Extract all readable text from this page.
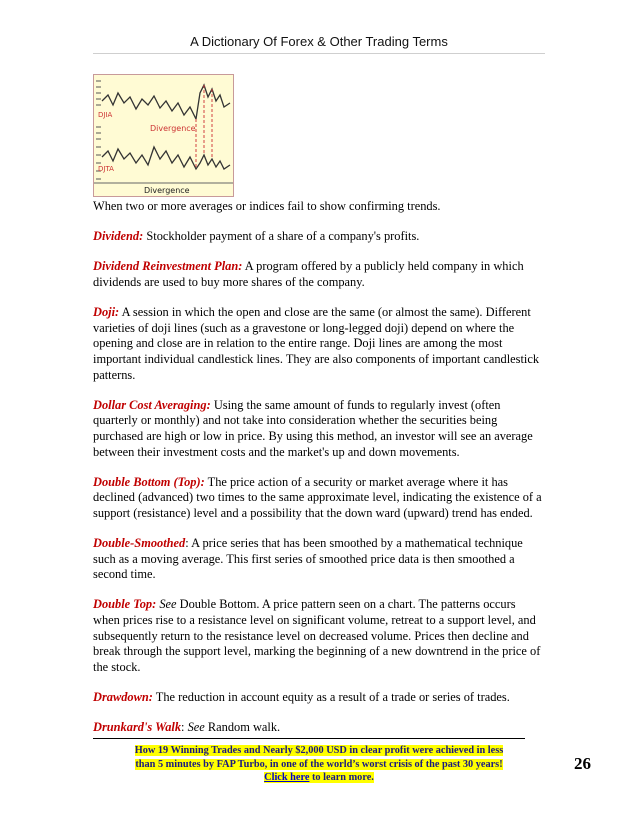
A Dictionary Of Forex & Other Trading Terms
DJIA
DJTA
Divergence
Divergence

When two or more averages or indices fail to show confirming trends.

Dividend: Stockholder payment of a share of a company's profits.

Dividend Reinvestment Plan: A program offered by a publicly held company in which dividends are used to buy more shares of the company.

Doji: A session in which the open and close are the same (or almost the same). Different varieties of doji lines (such as a gravestone or long-legged doji) depend on where the opening and close are in relation to the entire range. Doji lines are among the most important individual candlestick lines. They are also components of important candlestick patterns.

Dollar Cost Averaging: Using the same amount of funds to regularly invest (often quarterly or monthly) and not take into consideration whether the securities being purchased are high or low in price. By using this method, an investor will see an average between their investment costs and the market's up and down movements.

Double Bottom (Top): The price action of a security or market average where it has declined (advanced) two times to the same approximate level, indicating the existence of a support (resistance) level and a possibility that the down ward (upward) trend has ended.

Double-Smoothed: A price series that has been smoothed by a mathematical technique such as a moving average. This first series of smoothed price data is then smoothed a second time.

Double Top: See Double Bottom. A price pattern seen on a chart. The patterns occurs when prices rise to a resistance level on significant volume, retreat to a support level, and subsequently return to the resistance level on decreased volume. Prices then decline and break through the support level, marking the beginning of a new downtrend in the price of the stock.

Drawdown: The reduction in account equity as a result of a trade or series of trades.

Drunkard's Walk: See Random walk.

How 19 Winning Trades and Nearly $2,000 USD in clear profit were achieved in less
than 5 minutes by FAP Turbo, in one of the world’s worst crisis of the past 30 years!
Click here to learn more.
26
